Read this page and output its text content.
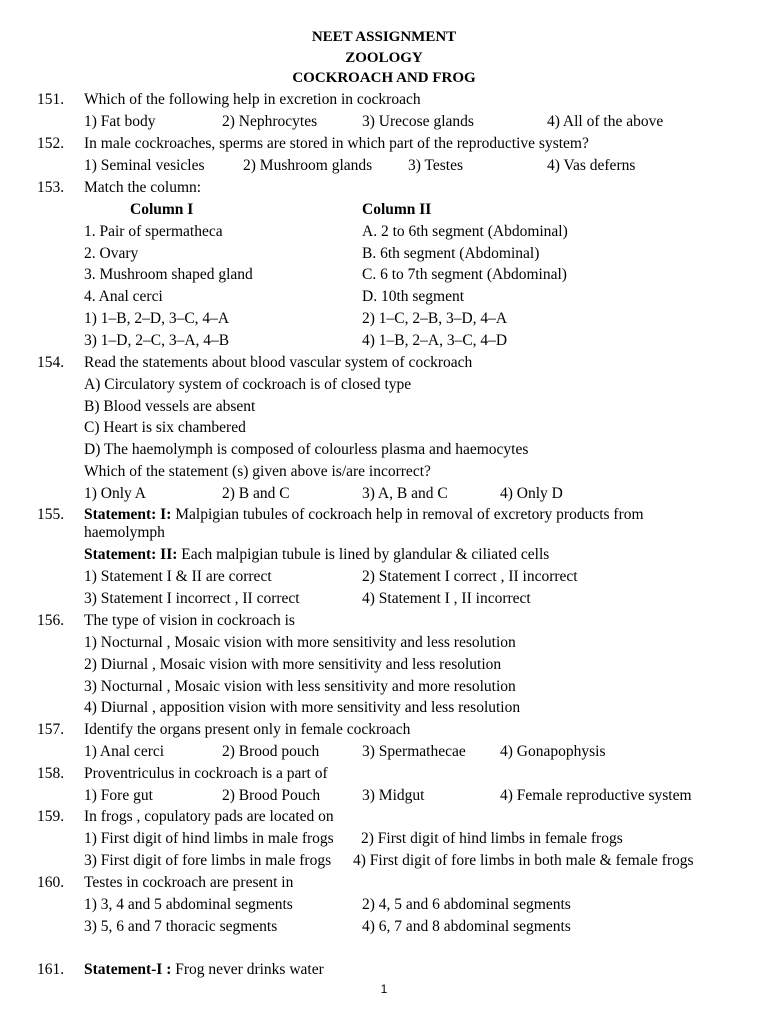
NEET ASSIGNMENT
ZOOLOGY
COCKROACH AND FROG
151. Which of the following help in excretion in cockroach
1) Fat body	2) Nephrocytes	3) Urecose glands	4) All of the above
152. In male cockroaches, sperms are stored in which part of the reproductive system?
1) Seminal vesicles 2) Mushroom glands 3) Testes	4) Vas deferns
153. Match the column:
Column I	Column II
1. Pair of spermatheca	A. 2 to 6th segment (Abdominal)
2. Ovary	B. 6th segment (Abdominal)
3. Mushroom shaped gland	C. 6 to 7th segment (Abdominal)
4. Anal cerci	D. 10th segment
1) 1–B, 2–D, 3–C, 4–A	2) 1–C, 2–B, 3–D, 4–A
3) 1–D, 2–C, 3–A, 4–B	4) 1–B, 2–A, 3–C, 4–D
154. Read the statements about blood vascular system of cockroach
A) Circulatory system of cockroach is of closed type
B) Blood vessels are absent
C) Heart is six chambered
D) The haemolymph is composed of colourless plasma and haemocytes
Which of the statement (s) given above is/are incorrect?
1) Only A	2) B and C	3) A, B and C	4) Only D
155. Statement: I: Malpigian tubules of cockroach help in removal of excretory products from
haemolymph
Statement: II: Each malpigian tubule is lined by glandular & ciliated cells
1) Statement I & II are correct	2) Statement I correct , II incorrect
3) Statement I incorrect , II correct	4) Statement I , II incorrect
156. The type of vision in cockroach is
1) Nocturnal , Mosaic vision with more sensitivity and less resolution
2) Diurnal , Mosaic vision with more sensitivity and less resolution
3) Nocturnal , Mosaic vision with less sensitivity and more resolution
4) Diurnal , apposition vision with more sensitivity and less resolution
157. Identify the organs present only in female cockroach
1) Anal cerci	2) Brood pouch	3) Spermathecae 4) Gonapophysis
158. Proventriculus in cockroach is a part of
1) Fore gut	2) Brood Pouch	3) Midgut	4) Female reproductive system
159. In frogs , copulatory pads are located on
1) First digit of hind limbs in male frogs 2) First digit of hind limbs in female frogs
3) First digit of fore limbs in male frogs 4) First digit of fore limbs in both male & female frogs
160. Testes in cockroach are present in
1) 3, 4 and 5 abdominal segments	2) 4, 5 and 6 abdominal segments
3) 5, 6 and 7 thoracic segments	4) 6, 7 and 8 abdominal segments
161. Statement-I : Frog never drinks water
1
